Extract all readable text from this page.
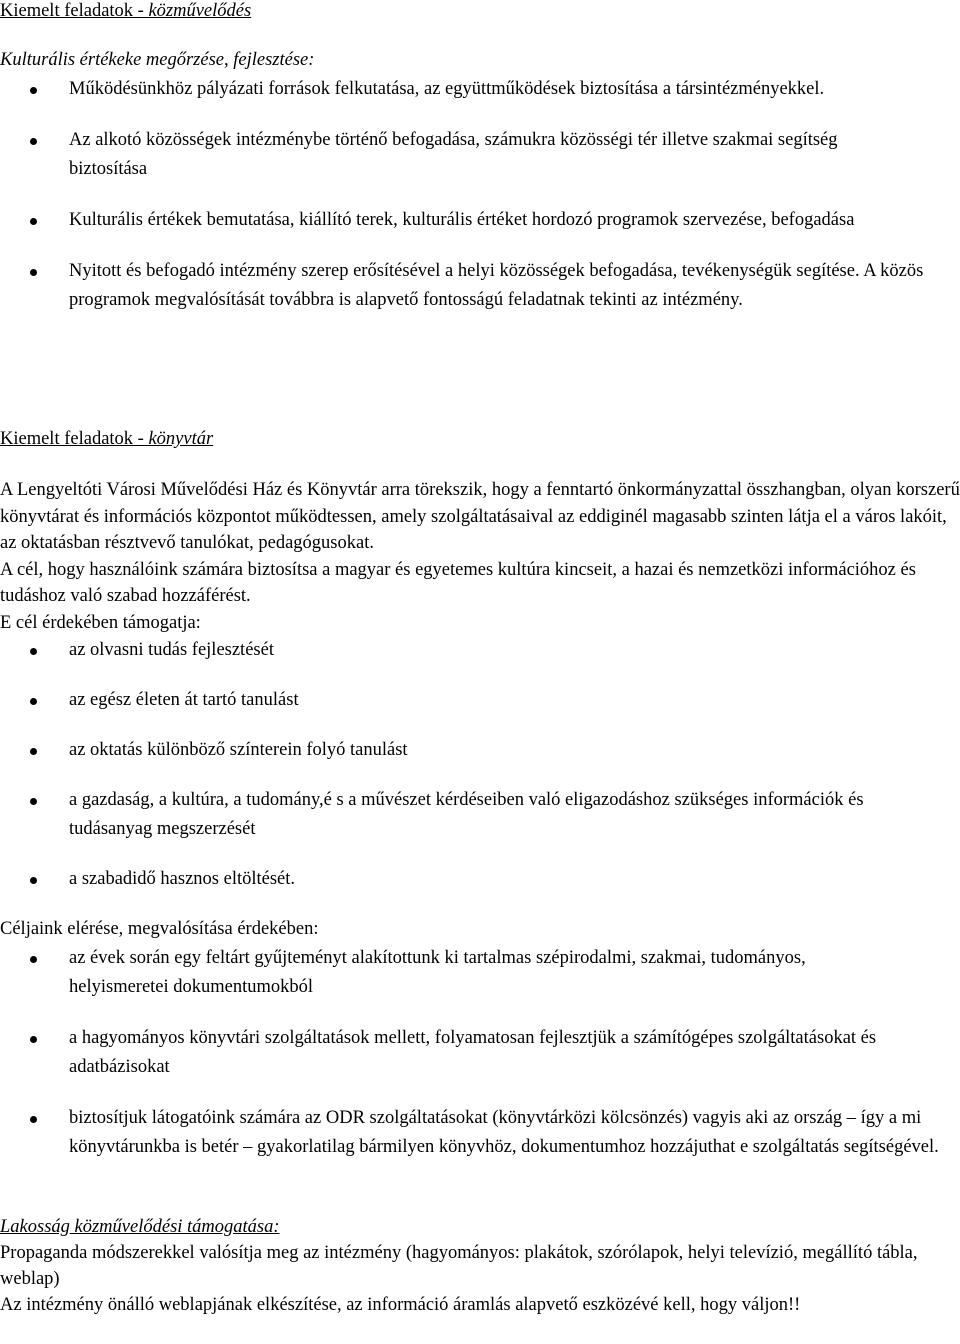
Kiemelt feladatok - közművelődés
Kulturális értékeke megőrzése, fejlesztése:
Működésünkhöz pályázati források felkutatása, az együttműködések biztosítása a társintézményekkel.
Az alkotó közösségek intézménybe történő befogadása, számukra közösségi tér illetve szakmai segítség biztosítása
Kulturális értékek bemutatása, kiállító terek, kulturális értéket hordozó programok szervezése, befogadása
Nyitott és befogadó intézmény szerep erősítésével a helyi közösségek befogadása, tevékenységük segítése. A közös programok megvalósítását továbbra is alapvető fontosságú feladatnak tekinti az intézmény.
Kiemelt feladatok - könyvtár

A Lengyeltóti Városi Művelődési Ház és Könyvtár arra törekszik, hogy a fenntartó önkormányzattal összhangban, olyan korszerű könyvtárat és információs központot működtessen, amely szolgáltatásaival az eddiginél magasabb szinten látja el a város lakóit, az oktatásban résztvevő tanulókat, pedagógusokat.

A cél, hogy használóink számára biztosítsa a magyar és egyetemes kultúra kincseit, a hazai és nemzetközi információhoz és tudáshoz való szabad hozzáférést.

E cél érdekében támogatja:

az olvasni tudás fejlesztését
az egész életen át tartó tanulást
az oktatás különböző színterein folyó tanulást
a gazdaság, a kultúra, a tudomány,é s a művészet kérdéseiben való eligazodáshoz szükséges információk és tudásanyag megszerzését
a szabadidő hasznos eltöltését.
Céljaink elérése, megvalósítása érdekében:
az évek során egy feltárt gyűjteményt alakítottunk ki tartalmas szépirodalmi, szakmai, tudományos, helyismeretei dokumentumokból
a hagyományos könyvtári szolgáltatások mellett, folyamatosan fejlesztjük a számítógépes szolgáltatásokat és adatbázisokat
biztosítjuk látogatóink számára az ODR szolgáltatásokat (könyvtárközi kölcsönzés) vagyis aki az ország – így a mi könyvtárunkba is betér – gyakorlatilag bármilyen könyvhöz, dokumentumhoz hozzájuthat e szolgáltatás segítségével.
Lakosság közművelődési támogatása:

Propaganda módszerekkel valósítja meg az intézmény (hagyományos: plakátok, szórólapok, helyi televízió, megállító tábla, weblap)

Az intézmény önálló weblapjának elkészítése, az információ áramlás alapvető eszközévé kell, hogy váljon!!
